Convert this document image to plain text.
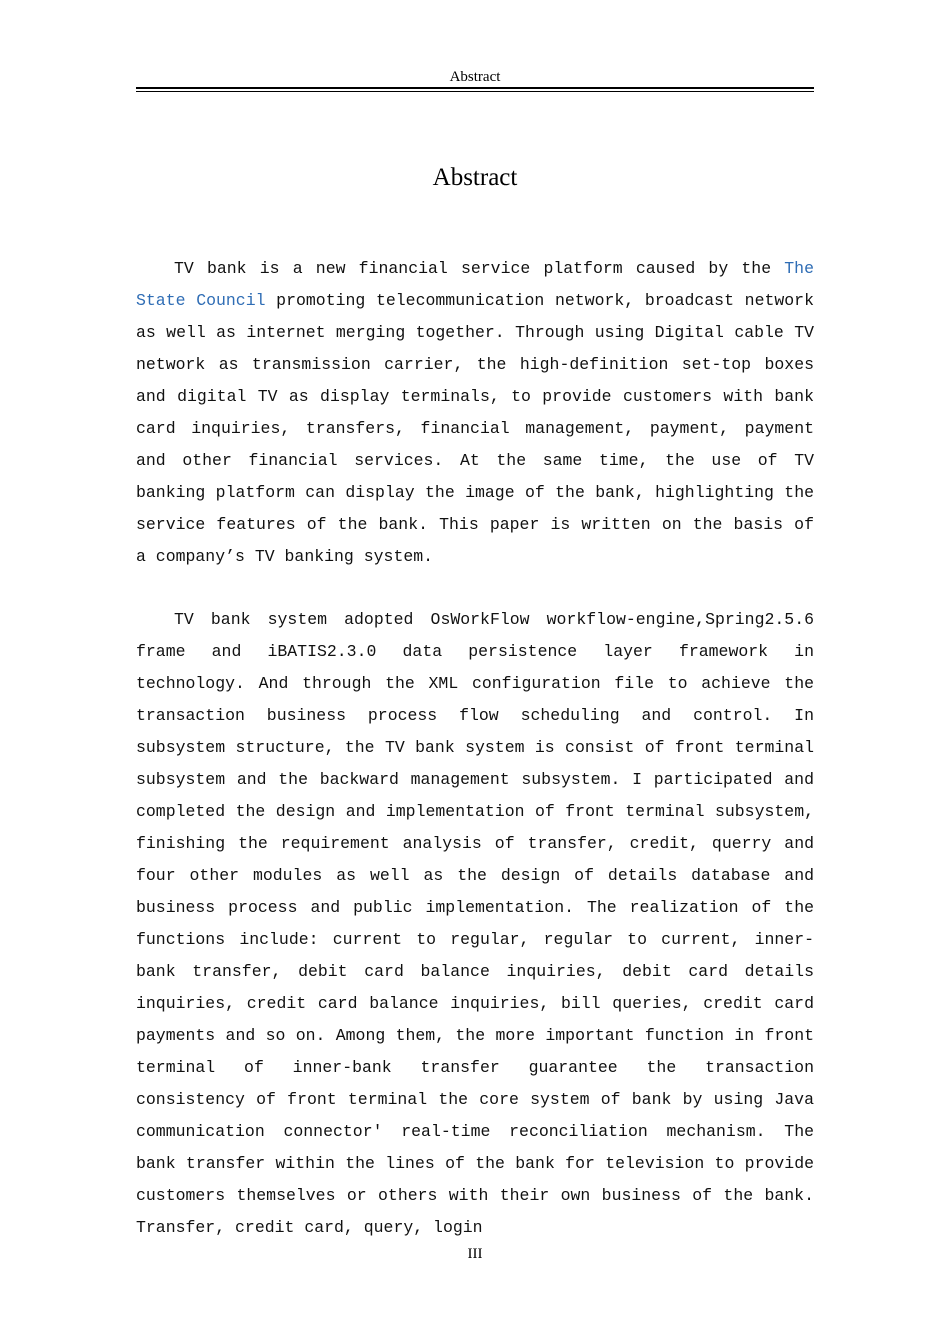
Abstract
Abstract

TV bank is a new financial service platform caused by the The State Council promoting telecommunication network, broadcast network as well as internet merging together. Through using Digital cable TV network as transmission carrier, the high-definition set-top boxes and digital TV as display terminals, to provide customers with bank card inquiries, transfers, financial management, payment, payment and other financial services. At the same time, the use of TV banking platform can display the image of the bank, highlighting the service features of the bank. This paper is written on the basis of a company’s TV banking system.

TV bank system adopted OsWorkFlow workflow-engine,Spring2.5.6 frame and iBATIS2.3.0 data persistence layer framework in technology. And through the XML configuration file to achieve the transaction business process flow scheduling and control. In subsystem structure, the TV bank system is consist of front terminal subsystem and the backward management subsystem. I participated and completed the design and implementation of front terminal subsystem, finishing the requirement analysis of transfer, credit, querry and four other modules as well as the design of details database and business process and public implementation. The realization of the functions include: current to regular, regular to current, inner-bank transfer, debit card balance inquiries, debit card details inquiries, credit card balance inquiries, bill queries, credit card payments and so on. Among them, the more important function in front terminal of inner-bank transfer guarantee the transaction consistency of front terminal the core system of bank by using Java communication connector′ real-time reconciliation mechanism. The bank transfer within the lines of the bank for television to provide customers themselves or others with their own business of the bank. Transfer, credit card, query, login

III
